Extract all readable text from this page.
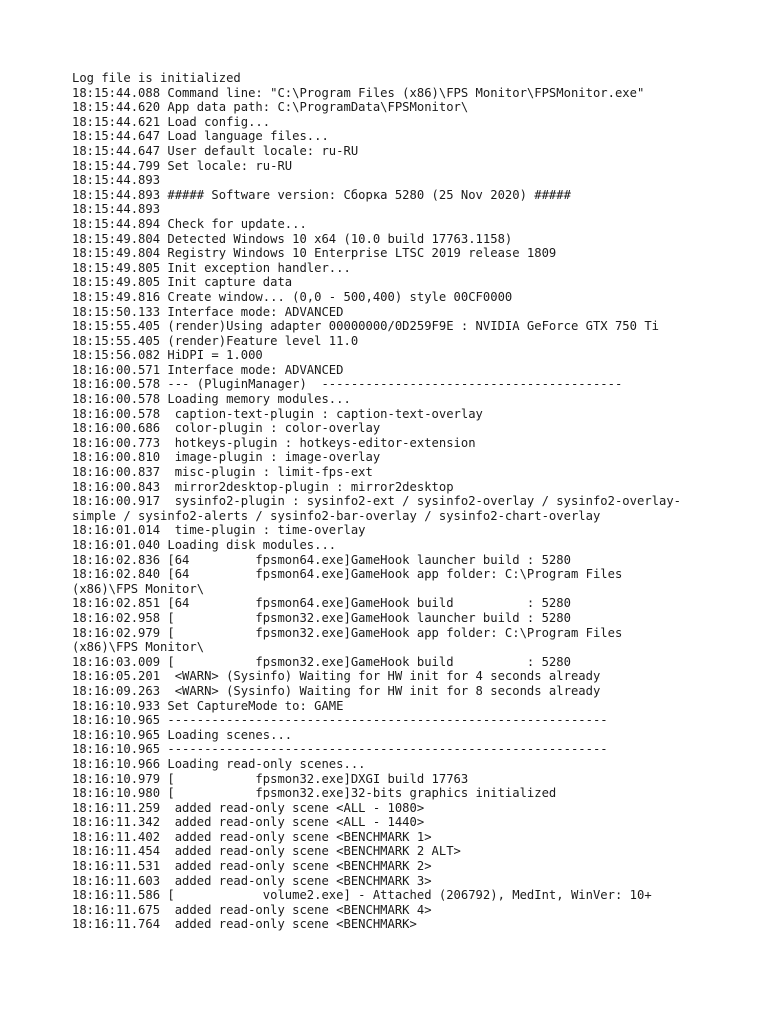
Log file is initialized
18:15:44.088 Command line: "C:\Program Files (x86)\FPS Monitor\FPSMonitor.exe"
18:15:44.620 App data path: C:\ProgramData\FPSMonitor\
18:15:44.621 Load config...
18:15:44.647 Load language files...
18:15:44.647 User default locale: ru-RU
18:15:44.799 Set locale: ru-RU
18:15:44.893
18:15:44.893 ##### Software version: Сборка 5280 (25 Nov 2020) #####
18:15:44.893
18:15:44.894 Check for update...
18:15:49.804 Detected Windows 10 x64 (10.0 build 17763.1158)
18:15:49.804 Registry Windows 10 Enterprise LTSC 2019 release 1809
18:15:49.805 Init exception handler...
18:15:49.805 Init capture data
18:15:49.816 Create window... (0,0 - 500,400) style 00CF0000
18:15:50.133 Interface mode: ADVANCED
18:15:55.405 (render)Using adapter 00000000/0D259F9E : NVIDIA GeForce GTX 750 Ti
18:15:55.405 (render)Feature level 11.0
18:15:56.082 HiDPI = 1.000
18:16:00.571 Interface mode: ADVANCED
18:16:00.578 --- (PluginManager)  -----------------------------------------
18:16:00.578 Loading memory modules...
18:16:00.578  caption-text-plugin : caption-text-overlay
18:16:00.686  color-plugin : color-overlay
18:16:00.773  hotkeys-plugin : hotkeys-editor-extension
18:16:00.810  image-plugin : image-overlay
18:16:00.837  misc-plugin : limit-fps-ext
18:16:00.843  mirror2desktop-plugin : mirror2desktop
18:16:00.917  sysinfo2-plugin : sysinfo2-ext / sysinfo2-overlay / sysinfo2-overlay-
simple / sysinfo2-alerts / sysinfo2-bar-overlay / sysinfo2-chart-overlay
18:16:01.014  time-plugin : time-overlay
18:16:01.040 Loading disk modules...
18:16:02.836 [64         fpsmon64.exe]GameHook launcher build : 5280
18:16:02.840 [64         fpsmon64.exe]GameHook app folder: C:\Program Files
(x86)\FPS Monitor\
18:16:02.851 [64         fpsmon64.exe]GameHook build          : 5280
18:16:02.958 [           fpsmon32.exe]GameHook launcher build : 5280
18:16:02.979 [           fpsmon32.exe]GameHook app folder: C:\Program Files
(x86)\FPS Monitor\
18:16:03.009 [           fpsmon32.exe]GameHook build          : 5280
18:16:05.201  <WARN> (Sysinfo) Waiting for HW init for 4 seconds already
18:16:09.263  <WARN> (Sysinfo) Waiting for HW init for 8 seconds already
18:16:10.933 Set CaptureMode to: GAME
18:16:10.965 ------------------------------------------------------------
18:16:10.965 Loading scenes...
18:16:10.965 ------------------------------------------------------------
18:16:10.966 Loading read-only scenes...
18:16:10.979 [           fpsmon32.exe]DXGI build 17763
18:16:10.980 [           fpsmon32.exe]32-bits graphics initialized
18:16:11.259  added read-only scene <ALL - 1080>
18:16:11.342  added read-only scene <ALL - 1440>
18:16:11.402  added read-only scene <BENCHMARK 1>
18:16:11.454  added read-only scene <BENCHMARK 2 ALT>
18:16:11.531  added read-only scene <BENCHMARK 2>
18:16:11.603  added read-only scene <BENCHMARK 3>
18:16:11.586 [            volume2.exe] - Attached (206792), MedInt, WinVer: 10+
18:16:11.675  added read-only scene <BENCHMARK 4>
18:16:11.764  added read-only scene <BENCHMARK>
